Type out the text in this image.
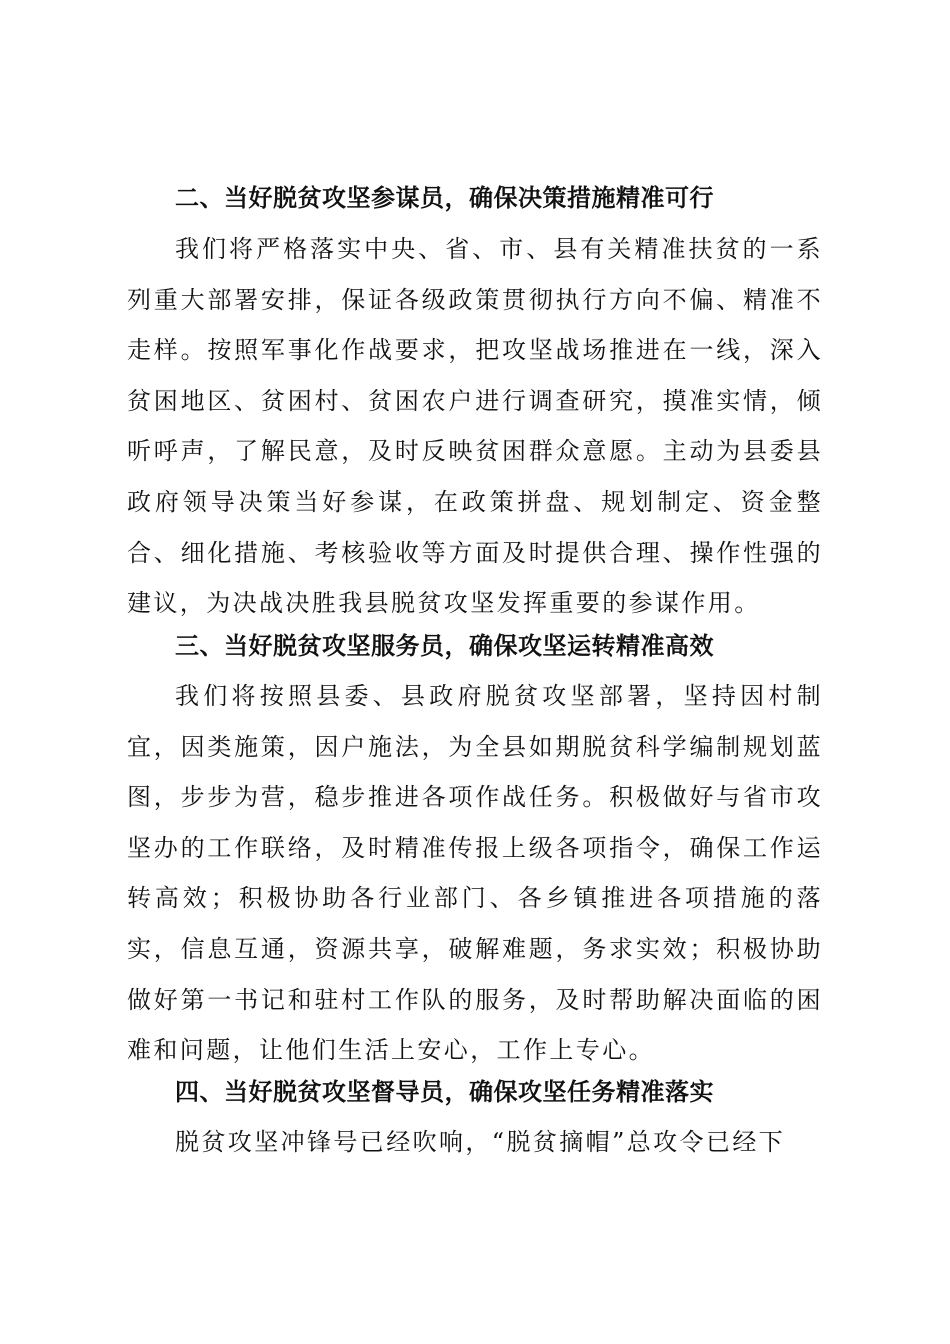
二、当好脱贫攻坚参谋员，确保决策措施精准可行
我们将严格落实中央、省、市、县有关精准扶贫的一系列重大部署安排，保证各级政策贯彻执行方向不偏、精准不走样。按照军事化作战要求，把攻坚战场推进在一线，深入贫困地区、贫困村、贫困农户进行调查研究，摸准实情，倾听呼声，了解民意，及时反映贫困群众意愿。主动为县委县政府领导决策当好参谋，在政策拼盘、规划制定、资金整合、细化措施、考核验收等方面及时提供合理、操作性强的建议，为决战决胜我县脱贫攻坚发挥重要的参谋作用。
三、当好脱贫攻坚服务员，确保攻坚运转精准高效
我们将按照县委、县政府脱贫攻坚部署，坚持因村制宜，因类施策，因户施法，为全县如期脱贫科学编制规划蓝图，步步为营，稳步推进各项作战任务。积极做好与省市攻坚办的工作联络，及时精准传报上级各项指令，确保工作运转高效；积极协助各行业部门、各乡镇推进各项措施的落实，信息互通，资源共享，破解难题，务求实效；积极协助做好第一书记和驻村工作队的服务，及时帮助解决面临的困难和问题，让他们生活上安心，工作上专心。
四、当好脱贫攻坚督导员，确保攻坚任务精准落实
脱贫攻坚冲锋号已经吹响，“脱贫摘帽”总攻令已经下
